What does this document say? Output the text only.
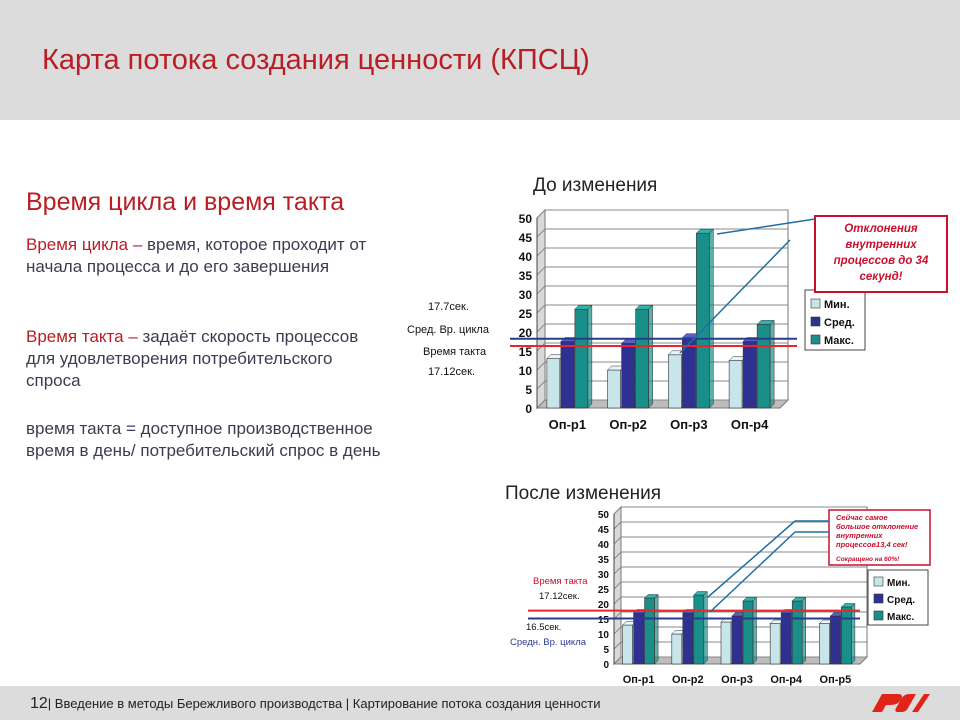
Карта потока создания ценности (КПСЦ)
Время цикла и время такта

Время цикла – время, которое проходит от начала процесса и до его завершения

Время такта – задаёт скорость процессов для удовлетворения потребительского спроса

время такта = доступное производственное время в день/ потребительский спрос в день

До изменения
После изменения
0
5
10
15
20
25
30
35
40
45
50
Оп-р1 Оп-р2 Оп-р3 Оп-р4
Мин.
Сред.
Макс.
17.7сек.
Сред. Вр. цикла
Время такта
17.12сек.
Отклонения внутренних процессов до 34 секунд!
0
5
10
15
20
25
30
35
40
45
50
Оп-р1 Оп-р2 Оп-р3 Оп-р4 Оп-р5
Мин.
Сред.
Макс.
Время такта
17.12сек.
16.5сек.
Средн. Вр. цикла
Сейчас самое большое отклонение внутренних процессов13,4 сек!
Сокращено на 60%!
12| Введение в методы Бережливого производства | Картирование потока создания ценности
